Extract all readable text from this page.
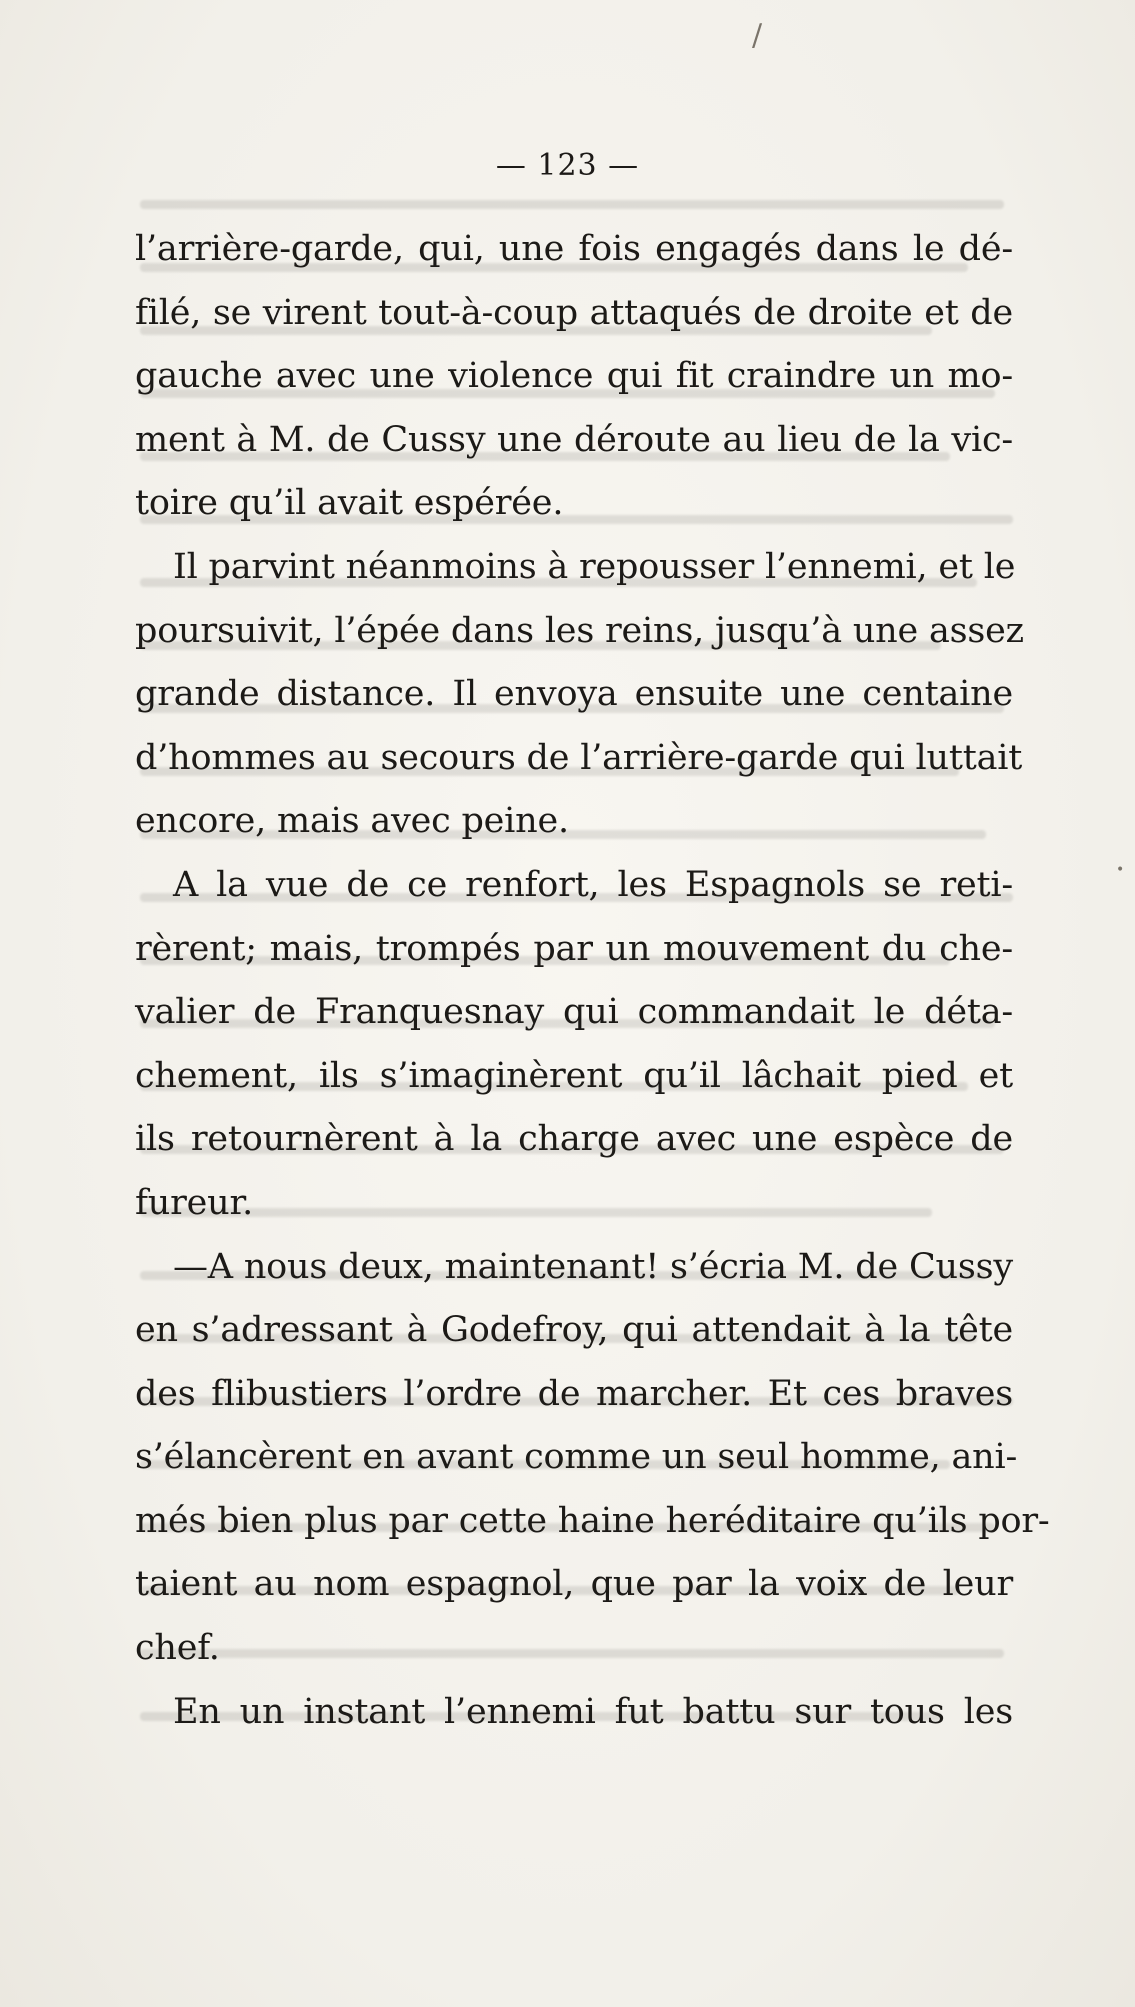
/
•
— 123 —
l’arrière-garde, qui, une fois engagés dans le dé-
filé, se virent tout-à-coup attaqués de droite et de
gauche avec une violence qui fit craindre un mo-
ment à M. de Cussy une déroute au lieu de la vic-
toire qu’il avait espérée.
Il parvint néanmoins à repousser l’ennemi, et le
poursuivit, l’épée dans les reins, jusqu’à une assez
grande distance. Il envoya ensuite une centaine
d’hommes au secours de l’arrière-garde qui luttait
encore, mais avec peine.
A la vue de ce renfort, les Espagnols se reti-
rèrent; mais, trompés par un mouvement du che-
valier de Franquesnay qui commandait le déta-
chement, ils s’imaginèrent qu’il lâchait pied et
ils retournèrent à la charge avec une espèce de
fureur.
—A nous deux, maintenant! s’écria M. de Cussy
en s’adressant à Godefroy, qui attendait à la tête
des flibustiers l’ordre de marcher. Et ces braves
s’élancèrent en avant comme un seul homme, ani-
més bien plus par cette haine heréditaire qu’ils por-
taient au nom espagnol, que par la voix de leur
chef.
En un instant l’ennemi fut battu sur tous les
